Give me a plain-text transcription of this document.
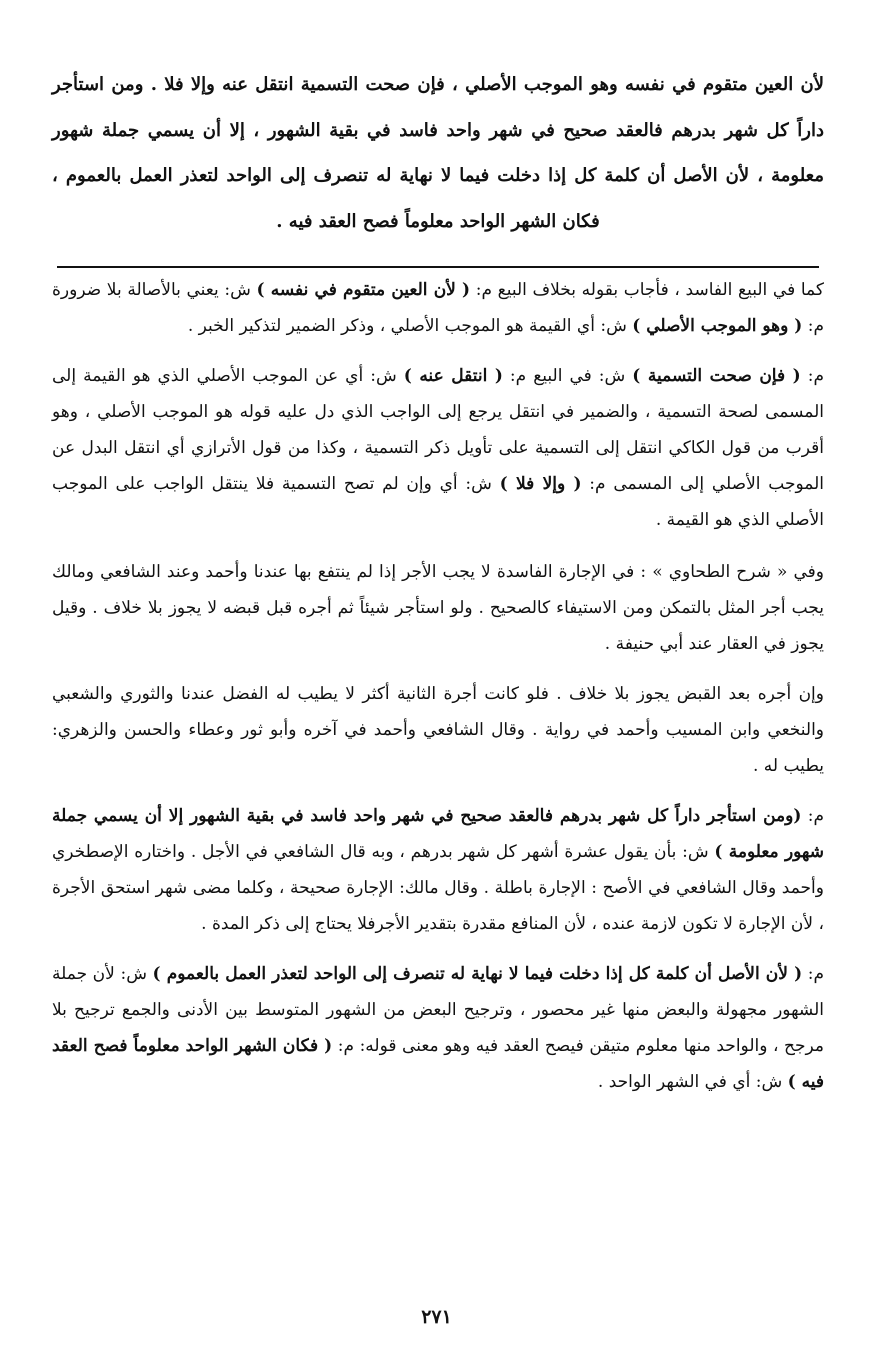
لأن العين متقوم في نفسه وهو الموجب الأصلي ، فإن صحت التسمية انتقل عنه وإلا فلا . ومن استأجر داراً كل شهر بدرهم فالعقد صحيح في شهر واحد فاسد في بقية الشهور ، إلا أن يسمي جملة شهور معلومة ، لأن الأصل أن كلمة كل إذا دخلت فيما لا نهاية له تنصرف إلى الواحد لتعذر العمل بالعموم ، فكان الشهر الواحد معلوماً فصح العقد فيه .

كما في البيع الفاسد ، فأجاب بقوله بخلاف البيع م: ( لأن العين متقوم في نفسه ) ش: يعني بالأصالة بلا ضرورة م: ( وهو الموجب الأصلي ) ش: أي القيمة هو الموجب الأصلي ، وذكر الضمير لتذكير الخبر .

م: ( فإن صحت التسمية ) ش: في البيع م: ( انتقل عنه ) ش: أي عن الموجب الأصلي الذي هو القيمة إلى المسمى لصحة التسمية ، والضمير في انتقل يرجع إلى الواجب الذي دل عليه قوله هو الموجب الأصلي ، وهو أقرب من قول الكاكي انتقل إلى التسمية على تأويل ذكر التسمية ، وكذا من قول الأترازي أي انتقل البدل عن الموجب الأصلي إلى المسمى م: ( وإلا فلا ) ش: أي وإن لم تصح التسمية فلا ينتقل الواجب على الموجب الأصلي الذي هو القيمة .

وفي « شرح الطحاوي » : في الإجارة الفاسدة لا يجب الأجر إذا لم ينتفع بها عندنا وأحمد وعند الشافعي ومالك يجب أجر المثل بالتمكن ومن الاستيفاء كالصحيح . ولو استأجر شيئاً ثم أجره قبل قبضه لا يجوز بلا خلاف . وقيل يجوز في العقار عند أبي حنيفة .

وإن أجره بعد القبض يجوز بلا خلاف . فلو كانت أجرة الثانية أكثر لا يطيب له الفضل عندنا والثوري والشعبي والنخعي وابن المسيب وأحمد في رواية . وقال الشافعي وأحمد في آخره وأبو ثور وعطاء والحسن والزهري: يطيب له .

م: (ومن استأجر داراً كل شهر بدرهم فالعقد صحيح في شهر واحد فاسد في بقية الشهور إلا أن يسمي جملة شهور معلومة ) ش: بأن يقول عشرة أشهر كل شهر بدرهم ، وبه قال الشافعي في الأجل . واختاره الإصطخري وأحمد وقال الشافعي في الأصح : الإجارة باطلة . وقال مالك: الإجارة صحيحة ، وكلما مضى شهر استحق الأجرة ، لأن الإجارة لا تكون لازمة عنده ، لأن المنافع مقدرة بتقدير الأجرفلا يحتاج إلى ذكر المدة .

م: ( لأن الأصل أن كلمة كل إذا دخلت فيما لا نهاية له تنصرف إلى الواحد لتعذر العمل بالعموم ) ش: لأن جملة الشهور مجهولة والبعض منها غير محصور ، وترجيح البعض من الشهور المتوسط بين الأدنى والجمع ترجيح بلا مرجح ، والواحد منها معلوم متيقن فيصح العقد فيه وهو معنى قوله: م: ( فكان الشهر الواحد معلوماً فصح العقد فيه ) ش: أي في الشهر الواحد .

٢٧١
